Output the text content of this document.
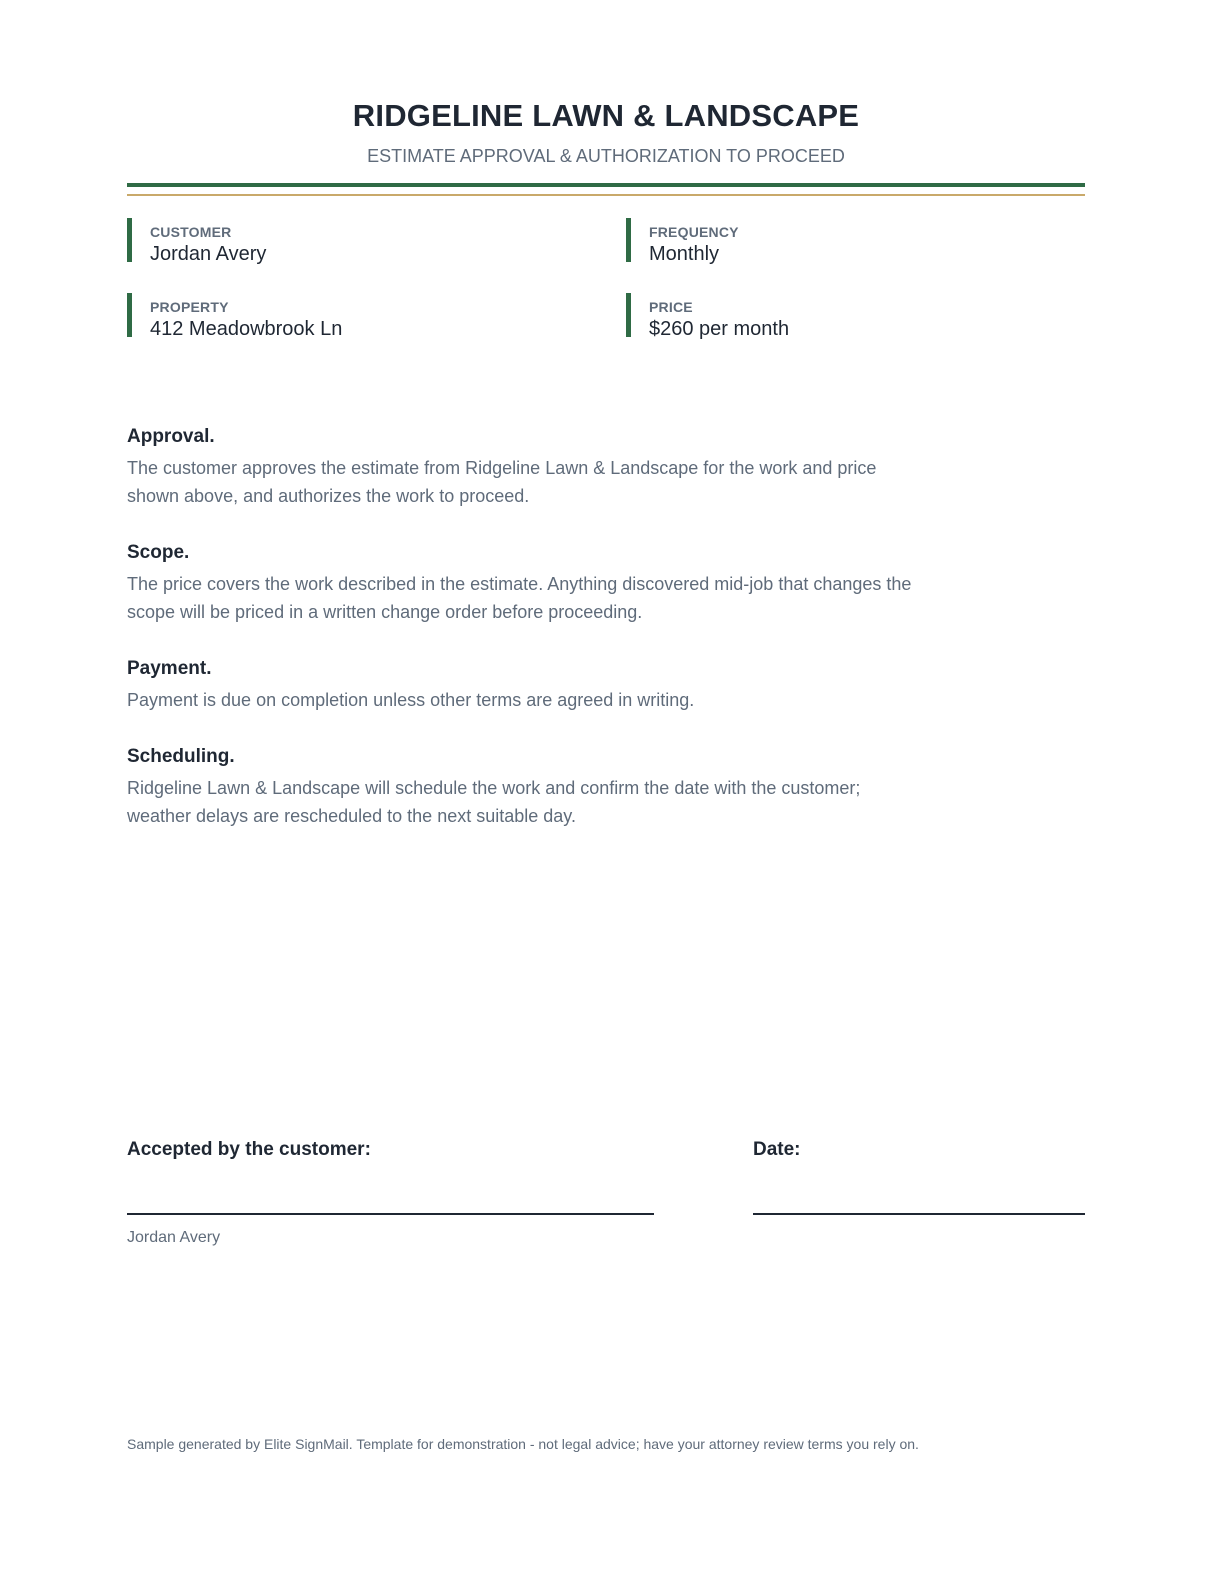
RIDGELINE LAWN & LANDSCAPE
ESTIMATE APPROVAL & AUTHORIZATION TO PROCEED
CUSTOMER
Jordan Avery
PROPERTY
412 Meadowbrook Ln
FREQUENCY
Monthly
PRICE
$260 per month

Approval.

The customer approves the estimate from Ridgeline Lawn & Landscape for the work and price shown above, and authorizes the work to proceed.

Scope.

The price covers the work described in the estimate. Anything discovered mid-job that changes the scope will be priced in a written change order before proceeding.

Payment.

Payment is due on completion unless other terms are agreed in writing.

Scheduling.

Ridgeline Lawn & Landscape will schedule the work and confirm the date with the customer; weather delays are rescheduled to the next suitable day.

Accepted by the customer:	Date:
Jordan Avery
Sample generated by Elite SignMail. Template for demonstration - not legal advice; have your attorney review terms you rely on.
